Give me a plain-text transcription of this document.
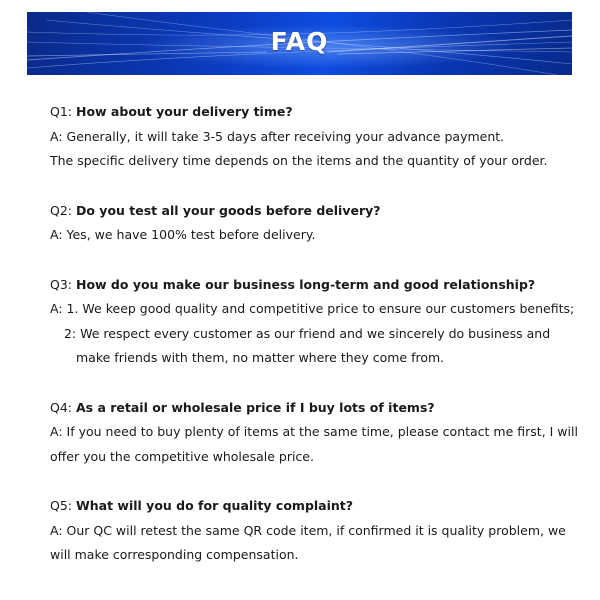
FAQ
Q1: How about your delivery time?
A: Generally, it will take 3-5 days after receiving your advance payment.
The specific delivery time depends on the items and the quantity of your order.
Q2: Do you test all your goods before delivery?
A: Yes, we have 100% test before delivery.
Q3: How do you make our business long-term and good relationship?
A: 1. We keep good quality and competitive price to ensure our customers benefits;
2: We respect every customer as our friend and we sincerely do business and
make friends with them, no matter where they come from.
Q4: As a retail or wholesale price if I buy lots of items?
A: If you need to buy plenty of items at the same time, please contact me first, I will
offer you the competitive wholesale price.
Q5: What will you do for quality complaint?
A: Our QC will retest the same QR code item, if confirmed it is quality problem, we
will make corresponding compensation.
